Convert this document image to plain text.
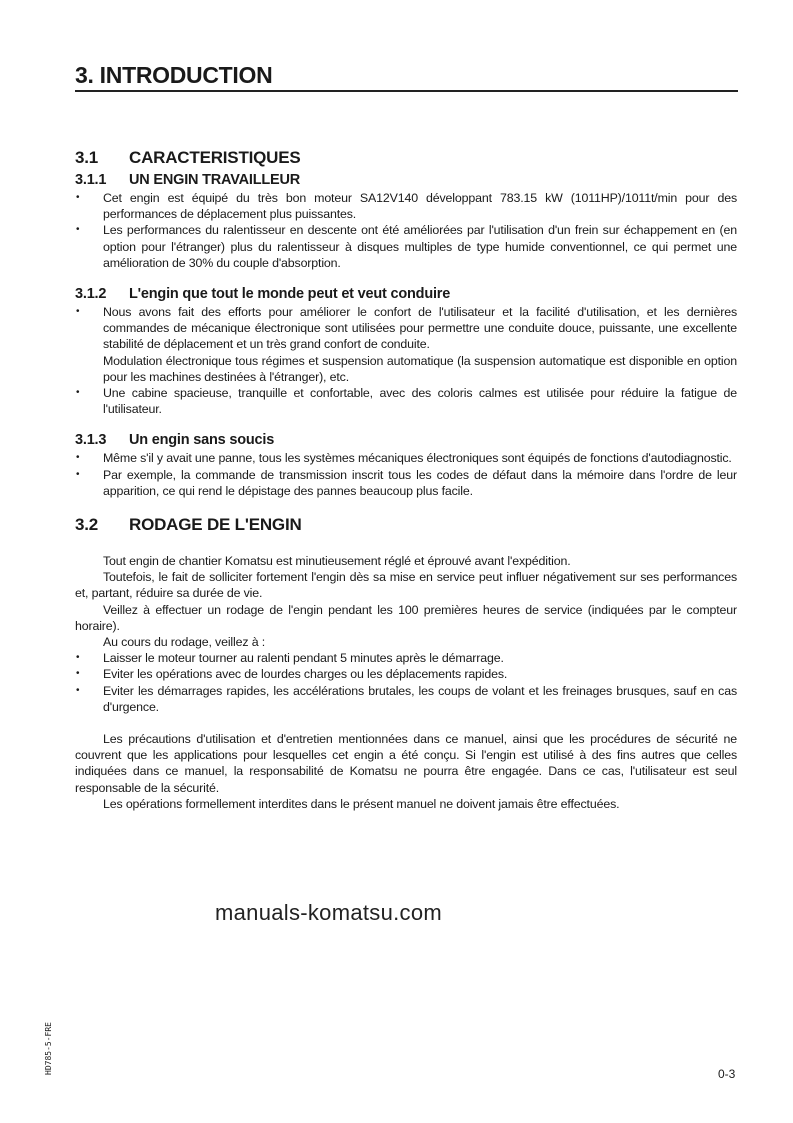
3. INTRODUCTION
3.1 CARACTERISTIQUES
3.1.1 UN ENGIN TRAVAILLEUR
• Cet engin est équipé du très bon moteur SA12V140 développant 783.15 kW (1011HP)/1011t/min pour des performances de déplacement plus puissantes.
• Les performances du ralentisseur en descente ont été améliorées par l'utilisation d'un frein sur échappement en (en option pour l'étranger) plus du ralentisseur à disques multiples de type humide conventionnel, ce qui permet une amélioration de 30% du couple d'absorption.
3.1.2 L'engin que tout le monde peut et veut conduire
• Nous avons fait des efforts pour améliorer le confort de l'utilisateur et la facilité d'utilisation, et les dernières commandes de mécanique électronique sont utilisées pour permettre une conduite douce, puissante, une excellente stabilité de déplacement et un très grand confort de conduite.
Modulation électronique tous régimes et suspension automatique (la suspension automatique est disponible en option pour les machines destinées à l'étranger), etc.
• Une cabine spacieuse, tranquille et confortable, avec des coloris calmes est utilisée pour réduire la fatigue de l'utilisateur.
3.1.3 Un engin sans soucis
• Même s'il y avait une panne, tous les systèmes mécaniques électroniques sont équipés de fonctions d'autodiagnostic.
• Par exemple, la commande de transmission inscrit tous les codes de défaut dans la mémoire dans l'ordre de leur apparition, ce qui rend le dépistage des pannes beaucoup plus facile.
3.2 RODAGE DE L'ENGIN
Tout engin de chantier Komatsu est minutieusement réglé et éprouvé avant l'expédition.
Toutefois, le fait de solliciter fortement l'engin dès sa mise en service peut influer négativement sur ses performances et, partant, réduire sa durée de vie.
Veillez à effectuer un rodage de l'engin pendant les 100 premières heures de service (indiquées par le compteur horaire).
Au cours du rodage, veillez à :
• Laisser le moteur tourner au ralenti pendant 5 minutes après le démarrage.
• Eviter les opérations avec de lourdes charges ou les déplacements rapides.
• Eviter les démarrages rapides, les accélérations brutales, les coups de volant et les freinages brusques, sauf en cas d'urgence.
Les précautions d'utilisation et d'entretien mentionnées dans ce manuel, ainsi que les procédures de sécurité ne couvrent que les applications pour lesquelles cet engin a été conçu. Si l'engin est utilisé à des fins autres que celles indiquées dans ce manuel, la responsabilité de Komatsu ne pourra être engagée. Dans ce cas, l'utilisateur est seul responsable de la sécurité.
Les opérations formellement interdites dans le présent manuel ne doivent jamais être effectuées.
manuals-komatsu.com
HD785-5-FRE	0-3
